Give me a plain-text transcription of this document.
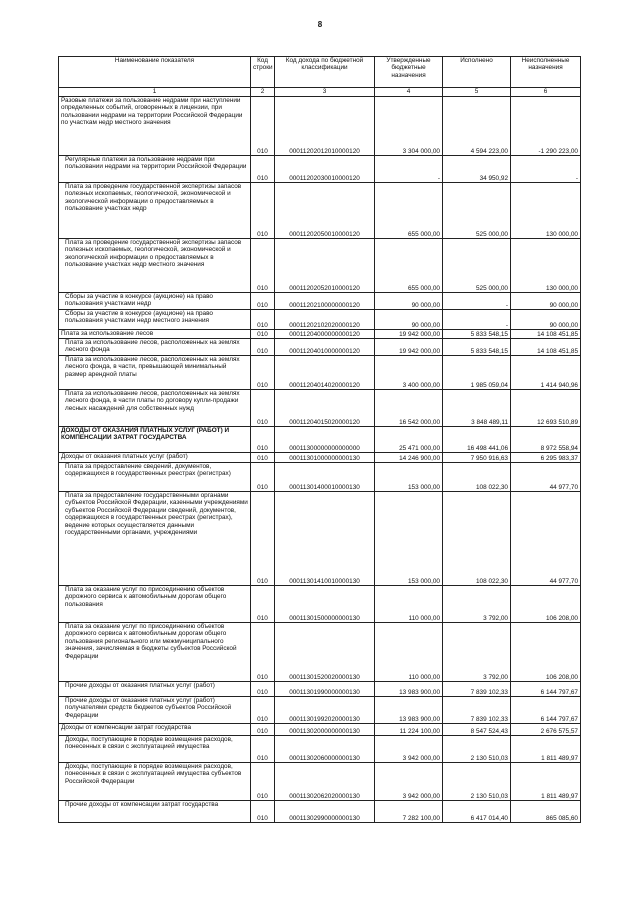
8
Наименование показателя	Код строки	Код дохода по бюджетной классификации	Утвержденные бюджетные назначения	Исполнено	Неисполненные назначения
1	2	3	4	5	6
Разовые платежи за пользование недрами при наступлении определенных событий, оговоренных в лицензии, при пользовании недрами на территории Российской Федерации по участкам недр местного значения	010	00011202012010000120	3 304 000,00	4 594 223,00	-1 290 223,00
Регулярные платежи за пользование недрами при пользовании недрами на территории Российской Федерации	010	00011202030010000120	-	34 950,92	-
Плата за проведение государственной экспертизы запасов полезных ископаемых, геологической, экономической и экологической информации о предоставляемых в пользование участках недр	010	00011202050010000120	655 000,00	525 000,00	130 000,00
Плата за проведение государственной экспертизы запасов полезных ископаемых, геологической, экономической и экологической информации о предоставляемых в пользование участках недр местного значения	010	00011202052010000120	655 000,00	525 000,00	130 000,00
Сборы за участие в конкурсе (аукционе) на право пользования участками недр	010	00011202100000000120	90 000,00	-	90 000,00
Сборы за участие в конкурсе (аукционе) на право пользования участками недр местного значения	010	00011202102020000120	90 000,00	-	90 000,00
Плата за использование лесов	010	00011204000000000120	19 942 000,00	5 833 548,15	14 108 451,85
Плата за использование лесов, расположенных на землях лесного фонда	010	00011204010000000120	19 942 000,00	5 833 548,15	14 108 451,85
Плата за использование лесов, расположенных на землях лесного фонда, в части, превышающей минимальный размер арендной платы	010	00011204014020000120	3 400 000,00	1 985 059,04	1 414 940,96
Плата за использование лесов, расположенных на землях лесного фонда, в части платы по договору купли-продажи лесных насаждений для собственных нужд	010	00011204015020000120	16 542 000,00	3 848 489,11	12 693 510,89
ДОХОДЫ ОТ ОКАЗАНИЯ ПЛАТНЫХ УСЛУГ (РАБОТ) И КОМПЕНСАЦИИ ЗАТРАТ ГОСУДАРСТВА	010	00011300000000000000	25 471 000,00	16 498 441,06	8 972 558,94
Доходы от оказания платных услуг (работ)	010	00011301000000000130	14 246 900,00	7 950 916,63	6 295 983,37
Плата за предоставление сведений, документов, содержащихся в государственных реестрах (регистрах)	010	00011301400010000130	153 000,00	108 022,30	44 977,70
Плата за предоставление государственными органами субъектов Российской Федерации, казенными учреждениями субъектов Российской Федерации сведений, документов, содержащихся в государственных реестрах (регистрах), ведение которых осуществляется данными государственными органами, учреждениями	010	00011301410010000130	153 000,00	108 022,30	44 977,70
Плата за оказание услуг по присоединению объектов дорожного сервиса к автомобильным дорогам общего пользования	010	00011301500000000130	110 000,00	3 792,00	106 208,00
Плата за оказание услуг по присоединению объектов дорожного сервиса к автомобильным дорогам общего пользования регионального или межмуниципального значения, зачисляемая в бюджеты субъектов Российской Федерации	010	00011301520020000130	110 000,00	3 792,00	106 208,00
Прочие доходы от оказания платных услуг (работ)	010	00011301990000000130	13 983 900,00	7 839 102,33	6 144 797,67
Прочие доходы от оказания платных услуг (работ) получателями средств бюджетов субъектов Российской Федерации	010	00011301992020000130	13 983 900,00	7 839 102,33	6 144 797,67
Доходы от компенсации затрат государства	010	00011302000000000130	11 224 100,00	8 547 524,43	2 676 575,57
Доходы, поступающие в порядке возмещения расходов, понесенных в связи с эксплуатацией имущества	010	00011302060000000130	3 942 000,00	2 130 510,03	1 811 489,97
Доходы, поступающие в порядке возмещения расходов, понесенных в связи с эксплуатацией имущества субъектов Российской Федерации	010	00011302062020000130	3 942 000,00	2 130 510,03	1 811 489,97
Прочие доходы от компенсации затрат государства	010	00011302990000000130	7 282 100,00	6 417 014,40	865 085,60
